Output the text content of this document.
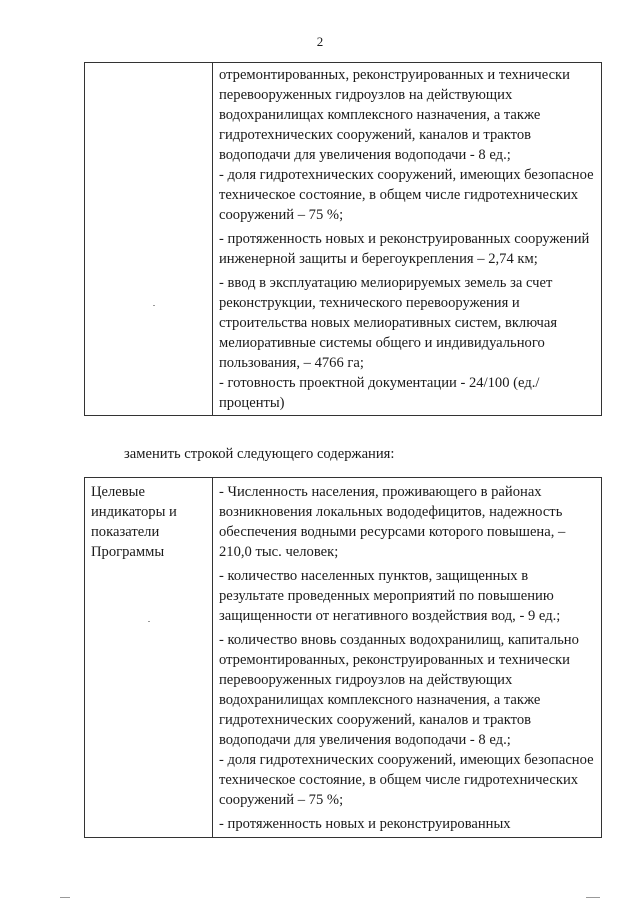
2

отремонтированных, реконструированных и технически перевооруженных гидроузлов на действующих водохранилищах комплексного назначения, а также гидротехнических сооружений, каналов и трактов водоподачи для увеличения водоподачи - 8 ед.;

- доля гидротехнических сооружений, имеющих безопасное техническое состояние, в общем числе гидротехнических сооружений – 75 %;

- протяженность новых и реконструированных сооружений инженерной защиты и берегоукрепления – 2,74 км;

- ввод в эксплуатацию мелиорируемых земель за счет реконструкции, технического перевооружения и строительства новых мелиоративных систем, включая мелиоративные системы общего и индивидуального пользования, – 4766 га;

- готовность проектной документации - 24/100 (ед./проценты)

заменить строкой следующего содержания:
Целевые индикаторы и показатели Программы	

- Численность населения, проживающего в районах возникновения локальных вододефицитов, надежность обеспечения водными ресурсами которого повышена, – 210,0 тыс. человек;

- количество населенных пунктов, защищенных в результате проведенных мероприятий по повышению защищенности от негативного воздействия вод, - 9 ед.;

- количество вновь созданных водохранилищ, капитально отремонтированных, реконструированных и технически перевооруженных гидроузлов на действующих водохранилищах комплексного назначения, а также гидротехнических сооружений, каналов и трактов водоподачи для увеличения водоподачи - 8 ед.;

- доля гидротехнических сооружений, имеющих безопасное техническое состояние, в общем числе гидротехнических сооружений – 75 %;

- протяженность новых и реконструированных
